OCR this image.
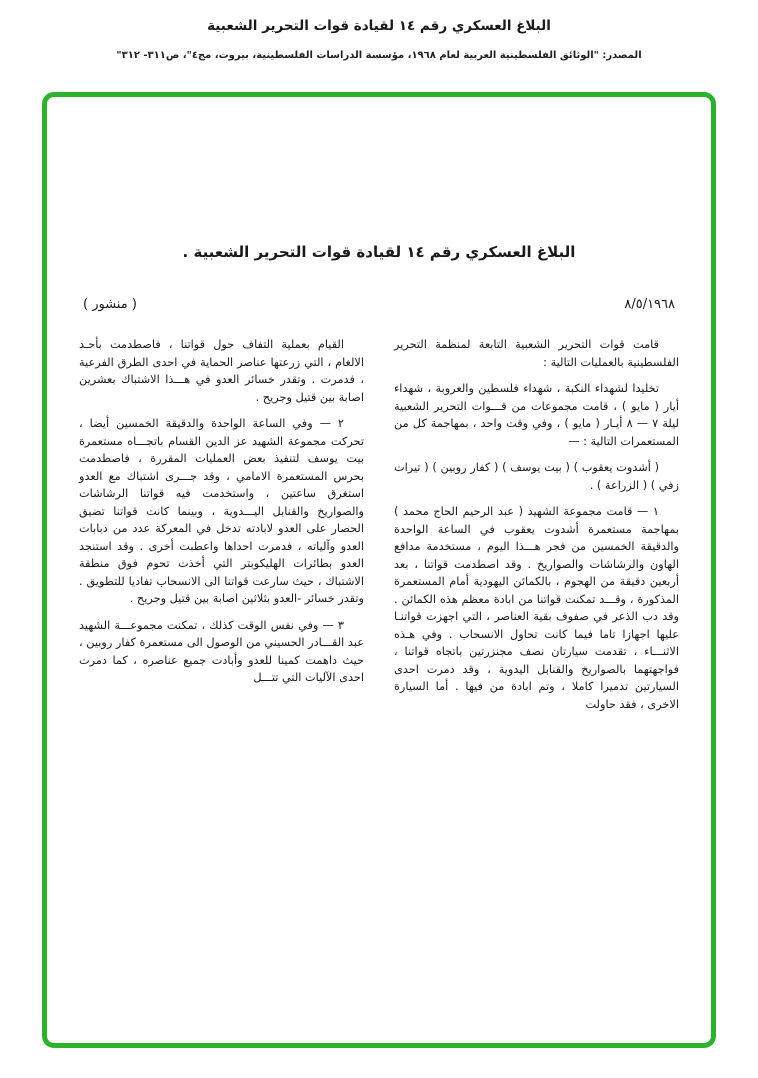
البلاغ العسكري رقم ١٤ لقيادة قوات التحرير الشعبية
المصدر: "الوثائق الفلسطينية العربية لعام ١٩٦٨، مؤسسة الدراسات الفلسطينية، بيروت، مج٤"، ص٣١١- ٣١٢"
البلاغ العسكري رقم ١٤ لقيادة قوات التحرير الشعبية .
٨/٥/١٩٦٨
( منشور )

قامت قوات التحرير الشعبية التابعة لمنظمة التحرير الفلسطينية بالعمليات التالية :

تخليدا لشهداء النكبة ، شهداء فلسطين والعروبة ، شهداء أيار ( مايو ) ، قامت مجموعات من قـــوات التحرير الشعبية ليلة ٧ — ٨ أيـار ( مايو ) ، وفي وقت واحد ، بمهاجمة كل من المستعمرات التالية : —

( أشدوت يعقوب ) ( بيت يوسف ) ( كفار روبين ) ( تيرات زفي ) ( الزراعة ) .

١ — قامت مجموعة الشهيد ( عبد الرحيم الحاج محمد ) بمهاجمة مستعمرة أشدوت يعقوب في الساعة الواحدة والدقيقة الخمسين من فجر هـــذا اليوم ، مستخدمة مدافع الهاون والرشاشات والصواريخ . وقد اصطدمت قواتنا ، بعد أربعين دقيقة من الهجوم ، بالكمائن اليهودية أمام المستعمرة المذكورة ، وقـــد تمكنت قواتنا من ابادة معظم هذه الكمائن . وقد دب الذعر في صفوف بقية العناصر ، التي اجهزت قواتنـا عليها اجهازا تاما فيما كانت تحاول الانسحاب . وفي هـذه الاثنـــاء ، تقدمت سيارتان نصف مجنزرتين باتجاه قواتنا ، فواجهتهما بالصواريخ والقنابل اليدوية ، وقد دمرت احدى السيارتين تدميرا كاملا ، وتم ابادة من فيها . أما السيارة الاخرى ، فقد حاولت

القيام بعملية التفاف حول قواتنا ، فاصطدمت بأحـد الالغام ، التي زرعتها عناصر الحماية في احدى الطرق الفرعية ، فدمرت . وتقدر خسائر العدو في هـــذا الاشتباك بعشرين اصابة بين قتيل وجريح .

٢ — وفي الساعة الواحدة والدقيقة الخمسين أيضا ، تحركت مجموعة الشهيد عز الدين القسام باتجـــاه مستعمرة بيت يوسف لتنفيذ بعض العمليات المقررة ، فاصطدمت بحرس المستعمرة الامامي ، وقد جـــرى اشتباك مع العدو استغرق ساعتين ، واستخدمت فيه قواتنا الرشاشات والصواريخ والقنابل اليـــدوية ، وبينما كانت قواتنا تضيق الحصار على العدو لابادته تدخل في المعركة عدد من دبابات العدو وآلياته ، فدمرت احداها واعطبت أخرى . وقد استنجد العدو بطائرات الهليكوبتر التي أخذت تحوم فوق منطقة الاشتباك ، حيث سارعت قواتنا الى الانسحاب تفاديا للتطويق . وتقدر خسائر -العدو بثلاثين اصابة بين قتيل وجريح .

٣ — وفي نفس الوقت كذلك ، تمكنت مجموعـــة الشهيد عبد القـــادر الحسيني من الوصول الى مستعمرة كفار روبين ، حيث داهمت كمينا للعدو وأبادت جميع عناصره ، كما دمرت احدى الآليات التي تتـــل
